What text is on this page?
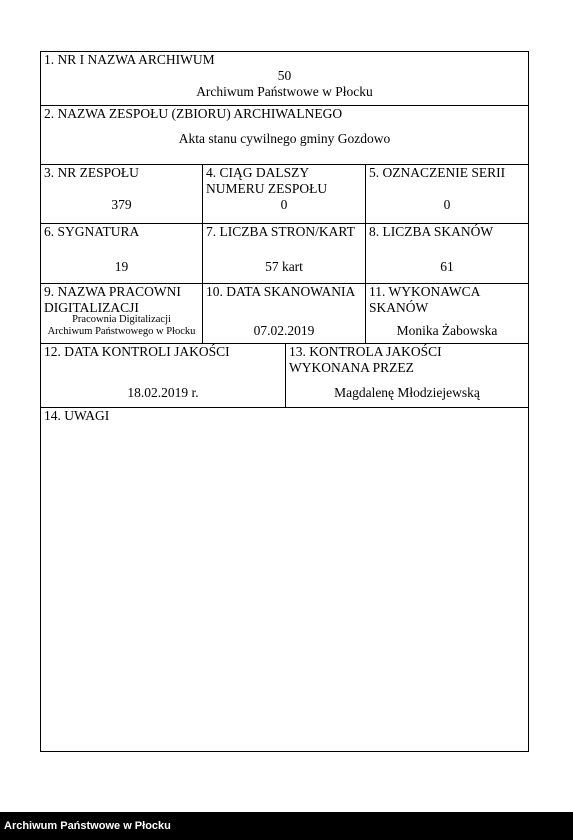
1. NR I NAZWA ARCHIWUM
50
Archiwum Państwowe w Płocku
2. NAZWA ZESPOŁU (ZBIORU) ARCHIWALNEGO
Akta stanu cywilnego gminy Gozdowo
3. NR ZESPOŁU
379
4. CIĄG DALSZY
NUMERU ZESPOŁU
0
5. OZNACZENIE SERII
0
6. SYGNATURA
19
7. LICZBA STRON/KART
57 kart
8. LICZBA SKANÓW
61
9. NAZWA PRACOWNI
DIGITALIZACJI
Pracownia Digitalizacji
Archiwum Państwowego w Płocku
10. DATA SKANOWANIA
07.02.2019
11. WYKONAWCA
SKANÓW
Monika Żabowska
12. DATA KONTROLI JAKOŚCI
18.02.2019 r.
13. KONTROLA JAKOŚCI
WYKONANA PRZEZ
Magdalenę Młodziejewską
14. UWAGI
Archiwum Państwowe w Płocku
